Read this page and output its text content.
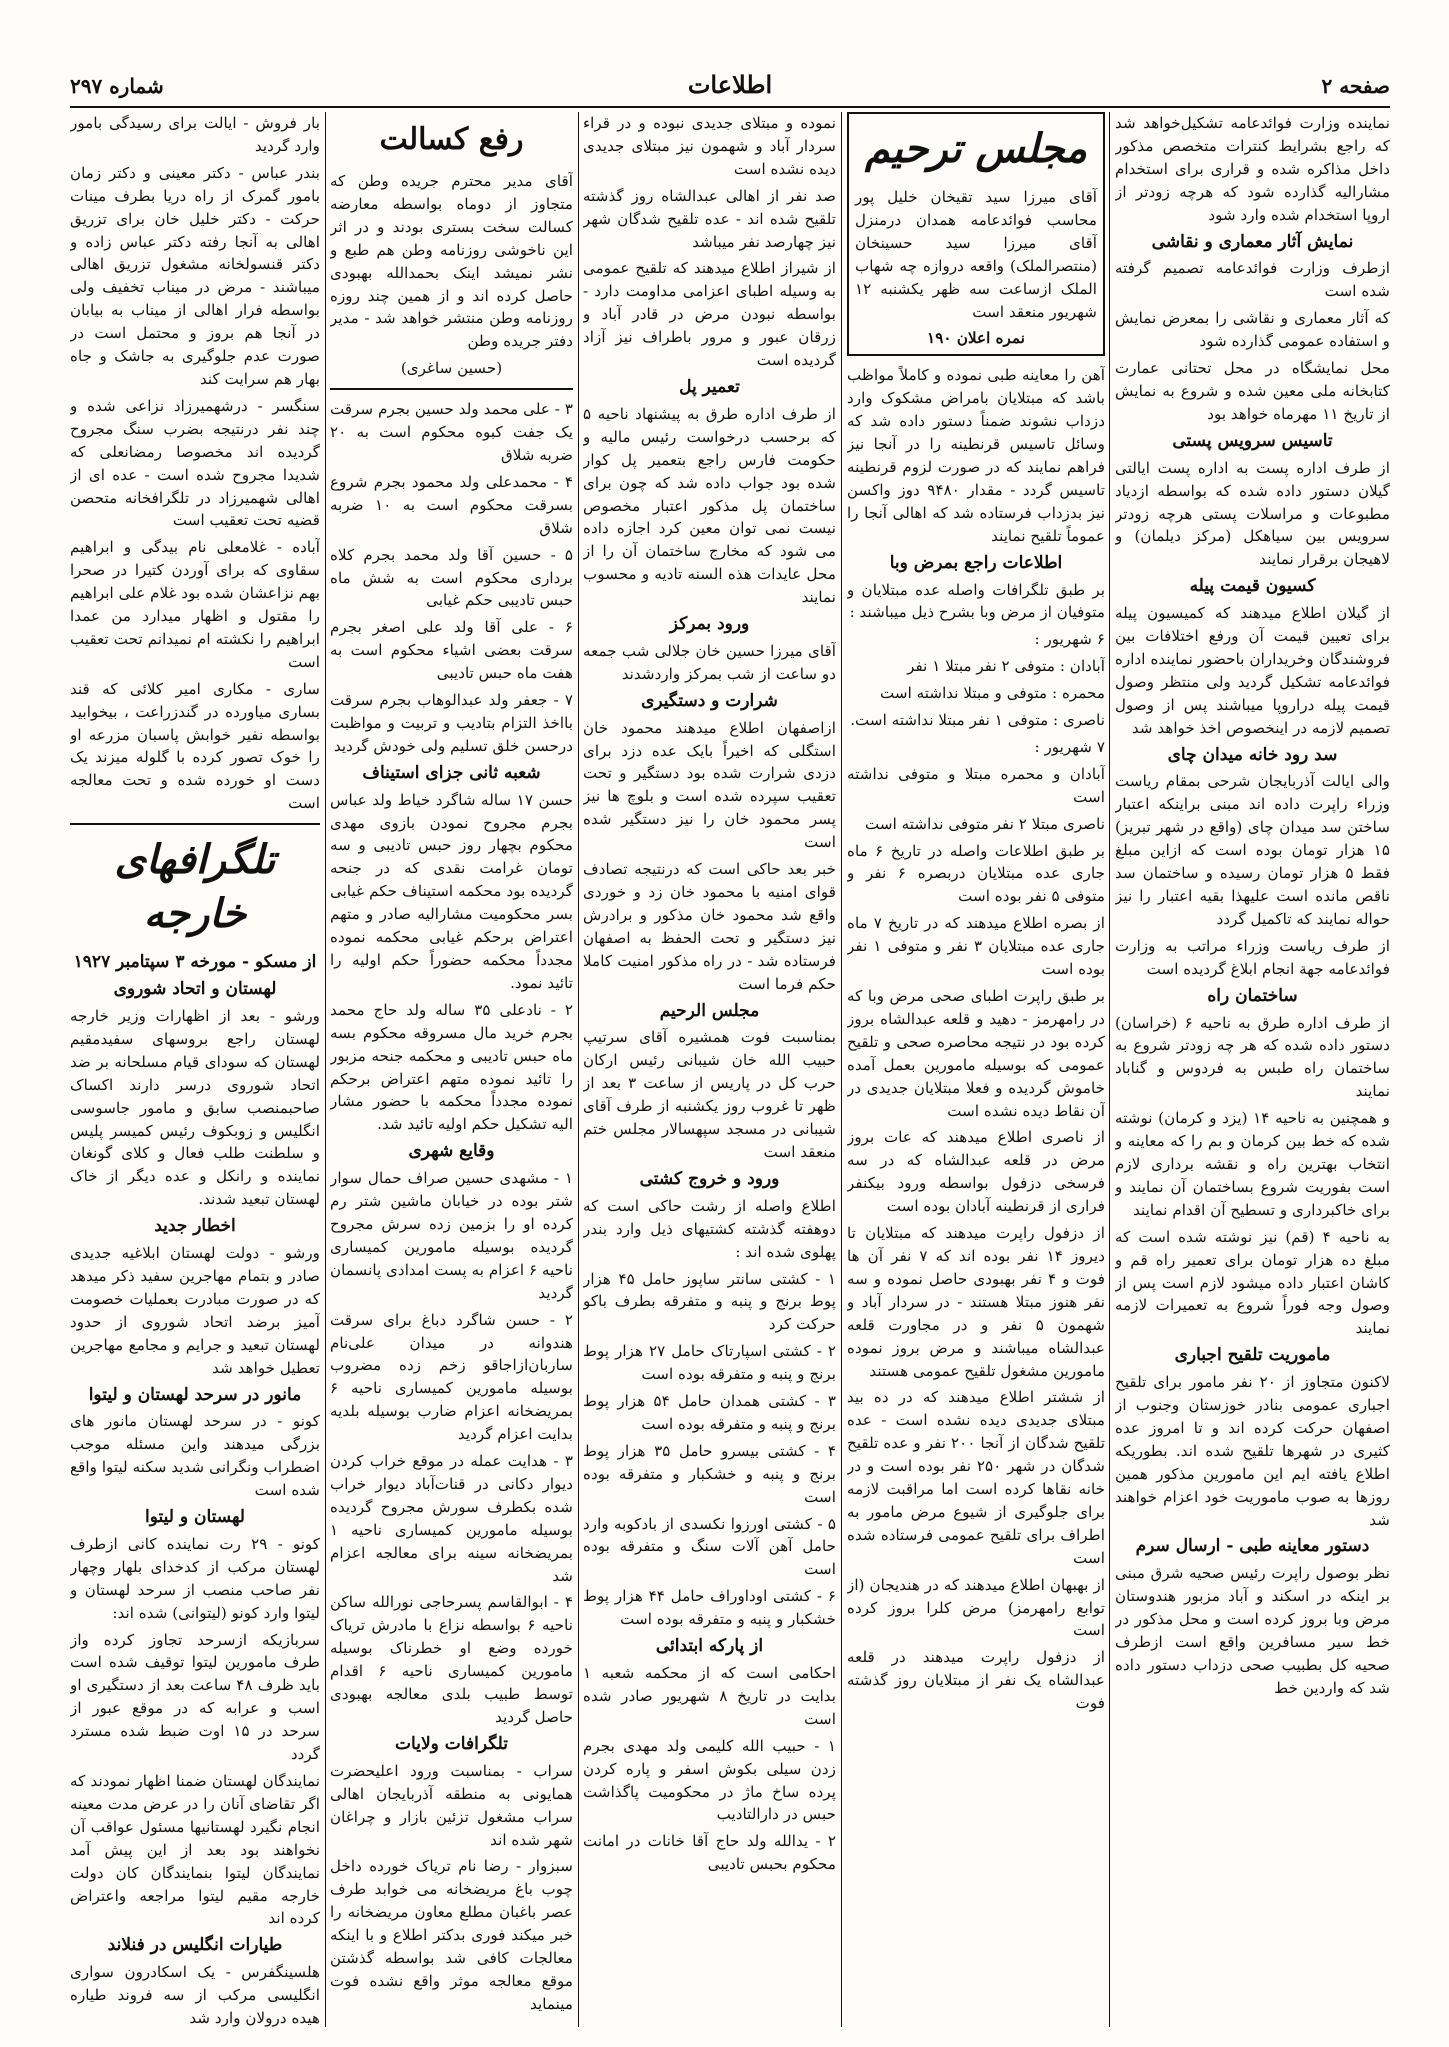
صفحه ۲
اطلاعات
شماره ۲۹۷

نماینده وزارت فوائدعامه تشکیل‌خواهد شد که راجع بشرایط کنترات متخصص مذکور داخل مذاکره شده و قراری برای استخدام مشارالیه گذارده شود که هرچه زودتر از اروپا استخدام شده وارد شود

نمایش آثار معماری و نقاشی

ازطرف وزارت فوائدعامه تصمیم گرفته شده است

که آثار معماری و نقاشی را بمعرض نمایش و استفاده عمومی گذارده شود

محل نمایشگاه در محل تحتانی عمارت کتابخانه ملی معین شده و شروع به نمایش از تاریخ ۱۱ مهرماه خواهد بود

تاسیس سرویس پستی

از طرف اداره پست به اداره پست ایالتی گیلان دستور داده شده که بواسطه ازدیاد مطبوعات و مراسلات پستی هرچه زودتر سرویس بین سیاهکل (مرکز دیلمان) و لاهیجان برقرار نمایند

کسیون قیمت پیله

از گیلان اطلاع میدهند که کمیسیون پیله برای تعیین قیمت آن ورفع اختلافات بین فروشندگان وخریداران باحضور نماینده اداره فوائدعامه تشکیل گردید ولی منتظر وصول قیمت پیله دراروپا میباشند پس از وصول تصمیم لازمه در اینخصوص اخذ خواهد شد

سد رود خانه میدان چای

والی ایالت آذربایجان شرحی بمقام ریاست وزراء راپرت داده اند مبنی براینکه اعتبار ساختن سد میدان چای (واقع در شهر تبریز) ۱۵ هزار تومان بوده است که ازاین مبلغ فقط ۵ هزار تومان رسیده و ساختمان سد ناقص مانده است علیهذا بقیه اعتبار را نیز حواله نمایند که تاکمیل گردد

از طرف ریاست وزراء مراتب به وزارت فوائدعامه جهة انجام ابلاغ گردیده است

ساختمان راه

از طرف اداره طرق به ناحیه ۶ (خراسان) دستور داده شده که هر چه زودتر شروع به ساختمان راه طبس به فردوس و گناباد نمایند

و همچنین به ناحیه ۱۴ (یزد و کرمان) نوشته شده که خط بین کرمان و بم را که معاینه و انتخاب بهترین راه و نقشه برداری لازم است بفوریت شروع بساختمان آن نمایند و برای خاکبرداری و تسطیح آن اقدام نمایند

به ناحیه ۴ (قم) نیز نوشته شده است که مبلغ ده هزار تومان برای تعمیر راه قم و کاشان اعتبار داده میشود لازم است پس از وصول وجه فوراً شروع به تعمیرات لازمه نمایند

ماموریت تلقیح اجباری

لاکنون متجاوز از ۲۰ نفر مامور برای تلقیح اجباری عمومی بنادر خوزستان وجنوب از اصفهان حرکت کرده اند و تا امروز عده کثیری در شهرها تلقیح شده اند. بطوریکه اطلاع یافته ایم این مامورین مذکور همین روزها به صوب ماموریت خود اعزام خواهند شد

دستور معاینه طبی - ارسال سرم

نظر بوصول راپرت رئیس صحیه شرق مبنی بر اینکه در اسکند و آباد مزبور هندوستان مرض وبا بروز کرده است و محل مذکور در خط سیر مسافرین واقع است ازطرف صحیه کل بطبیب صحی دزداب دستور داده شد که واردین خط

مجلس ترحیم

آقای میرزا سید تقیخان خلیل پور محاسب فوائدعامه همدان درمنزل آقای میرزا سید حسینخان (منتصرالملک) واقعه دروازه چه شهاب الملک ازساعت سه ظهر یکشنبه ۱۲ شهریور منعقد است

نمره اعلان ۱۹۰

آهن را معاینه طبی نموده و کاملاً مواظب باشد که مبتلایان بامراض مشکوک وارد دزداب نشوند ضمناً دستور داده شد که وسائل تاسیس قرنطینه را در آنجا نیز فراهم نمایند که در صورت لزوم قرنطینه تاسیس گردد - مقدار ۹۴۸۰ دوز واکسن نیز بدزداب فرستاده شد که اهالی آنجا را عموماً تلقیح نمایند

اطلاعات راجع بمرض وبا

بر طبق تلگرافات واصله عده مبتلایان و متوفیان از مرض وبا بشرح ذیل میباشند :

۶ شهریور :

آبادان : متوفی ۲ نفر مبتلا ۱ نفر

محمره : متوفی و مبتلا نداشته است

ناصری : متوفی ۱ نفر مبتلا نداشته است.

۷ شهریور :

آبادان و محمره مبتلا و متوفی نداشته است

ناصری مبتلا ۲ نفر متوفی نداشته است

بر طبق اطلاعات واصله در تاریخ ۶ ماه جاری عده مبتلایان دربصره ۶ نفر و متوفی ۵ نفر بوده است

از بصره اطلاع میدهند که در تاریخ ۷ ماه جاری عده مبتلایان ۳ نفر و متوفی ۱ نفر بوده است

بر طبق راپرت اطبای صحی مرض وبا که در رامهرمز - دهید و قلعه عبدالشاه بروز کرده بود در نتیجه محاصره صحی و تلقیح عمومی که بوسیله مامورین بعمل آمده خاموش گردیده و فعلا مبتلایان جدیدی در آن نقاط دیده نشده است

از ناصری اطلاع میدهند که عات بروز مرض در قلعه عبدالشاه که در سه فرسخی دزفول بواسطه ورود بیکنفر فراری از قرنطینه آبادان بوده است

از دزفول راپرت میدهند که مبتلایان تا دیروز ۱۴ نفر بوده اند که ۷ نفر آن ها فوت و ۴ نفر بهبودی حاصل نموده و سه نفر هنوز مبتلا هستند - در سردار آباد و شهمون ۵ نفر و در مجاورت قلعه عبدالشاه میباشند و مرض بروز نموده مامورین مشغول تلقیح عمومی هستند

از ششتر اطلاع میدهند که در ده بید مبتلای جدیدی دیده نشده است - عده تلقیح شدگان از آنجا ۲۰۰ نفر و عده تلقیح شدگان در شهر ۲۵۰ نفر بوده است و در خانه نقاها کرده است اما مراقبت لازمه برای جلوگیری از شیوع مرض مامور به اطراف برای تلقیح عمومی فرستاده شده است

از بهبهان اطلاع میدهند که در هندیجان (از توابع رامهرمز) مرض کلرا بروز کرده است

از دزفول راپرت میدهند در قلعه عبدالشاه یک نفر از مبتلایان روز گذشته فوت

نموده و مبتلای جدیدی نبوده و در قراء سردار آباد و شهمون نیز مبتلای جدیدی دیده نشده است

صد نفر از اهالی عبدالشاه روز گذشته تلقیح شده اند - عده تلقیح شدگان شهر نیز چهارصد نفر میباشد

از شیراز اطلاع میدهند که تلقیح عمومی به وسیله اطبای اعزامی مداومت دارد - بواسطه نبودن مرض در قادر آباد و زرقان عبور و مرور باطراف نیز آزاد گردیده است

تعمیر پل

از طرف اداره طرق به پیشنهاد ناحیه ۵ که برحسب درخواست رئیس مالیه و حکومت فارس راجع بتعمیر پل کوار شده بود جواب داده شد که چون برای ساختمان پل مذکور اعتبار مخصوص نیست نمی توان معین کرد اجازه داده می شود که مخارج ساختمان آن را از محل عایدات هذه السنه تادیه و محسوب نمایند

ورود بمرکز

آقای میرزا حسین خان جلالی شب جمعه دو ساعت از شب بمرکز واردشدند

شرارت و دستگیری

ازاصفهان اطلاع میدهند محمود خان استگلی که اخیراً بایک عده دزد برای دزدی شرارت شده بود دستگیر و تحت تعقیب سپرده شده است و بلوچ ها نیز پسر محمود خان را نیز دستگیر شده است

خبر بعد حاکی است که درنتیجه تصادف قوای امنیه با محمود خان زد و خوردی واقع شد محمود خان مذکور و برادرش نیز دستگیر و تحت الحفظ به اصفهان فرستاده شد - در راه مذکور امنیت کاملا حکم فرما است

مجلس الرحیم

بمناسبت فوت همشیره آقای سرتیپ حبیب الله خان شیبانی رئیس ارکان حرب کل در پاریس از ساعت ۳ بعد از ظهر تا غروب روز یکشنبه از طرف آقای شیبانی در مسجد سپهسالار مجلس ختم منعقد است

ورود و خروج کشتی

اطلاع واصله از رشت حاکی است که دوهفته گذشته کشتیهای ذیل وارد بندر پهلوی شده اند :

۱ - کشتی سانتر ساپوز حامل ۴۵ هزار پوط برنج و پنبه و متفرقه بطرف باکو حرکت کرد

۲ - کشتی اسپارتاک حامل ۲۷ هزار پوط برنج و پنبه و متفرقه بوده است

۳ - کشتی همدان حامل ۵۴ هزار پوط برنج و پنبه و متفرقه بوده است

۴ - کشتی بیسرو حامل ۳۵ هزار پوط برنج و پنبه و خشکبار و متفرقه بوده است

۵ - کشتی اورزوا نکسدی از بادکوبه وارد حامل آهن آلات سنگ و متفرقه بوده است

۶ - کشتی اوداوراف حامل ۴۴ هزار پوط خشکبار و پنبه و متفرقه بوده است

از پارکه ابتدائی

احکامی است که از محکمه شعبه ۱ بدایت در تاریخ ۸ شهریور صادر شده است

۱ - حبیب الله کلیمی ولد مهدی بجرم زدن سیلی بکوش اسفر و پاره کردن پرده ساخ ماژ در محکومیت پاگذاشت حبس در دارالتادیب

۲ - یدالله ولد حاج آقا خانات در امانت محکوم بحبس تادیبی

رفع کسالت

آقای مدیر محترم جریده وطن که متجاوز از دوماه بواسطه معارضه کسالت سخت بستری بودند و در اثر این ناخوشی روزنامه وطن هم طبع و نشر نمیشد اینک بحمدالله بهبودی حاصل کرده اند و از همین چند روزه روزنامه وطن منتشر خواهد شد - مدیر دفتر جریده وطن

(حسین ساغری)

۳ - علی محمد ولد حسین بجرم سرقت یک جفت کبوه محکوم است به ۲۰ ضربه شلاق

۴ - محمدعلی ولد محمود بجرم شروع بسرقت محکوم است به ۱۰ ضربه شلاق

۵ - حسین آقا ولد محمد بجرم کلاه برداری محکوم است به شش ماه حبس تادیبی حکم غیابی

۶ - علی آقا ولد علی اصغر بجرم سرقت بعضی اشیاء محکوم است به هفت ماه حبس تادیبی

۷ - جعفر ولد عبدالوهاب بجرم سرقت بااخذ التزام بتادیب و تربیت و مواظبت درحسن خلق تسلیم ولی خودش گردید

شعبه ثانی جزای استیناف

حسن ۱۷ ساله شاگرد خیاط ولد عباس بجرم مجروح نمودن بازوی مهدی محکوم بچهار روز حبس تادیبی و سه تومان غرامت نقدی که در جنحه گردیده بود محکمه استیناف حکم غیابی بسر محکومیت مشارالیه صادر و متهم اعتراض برحکم غیابی محکمه نموده مجدداً محکمه حضوراً حکم اولیه را تائید نمود.

۲ - نادعلی ۳۵ ساله ولد حاج محمد بجرم خرید مال مسروقه محکوم بسه ماه حبس تادیبی و محکمه جنحه مزبور را تائید نموده متهم اعتراض برحکم نموده مجدداً محکمه با حضور مشار الیه تشکیل حکم اولیه تائید شد.

وقایع شهری

۱ - مشهدی حسین صراف حمال سوار شتر بوده در خیابان ماشین شتر رم کرده او را بزمین زده سرش مجروح گردیده بوسیله مامورین کمیساری ناحیه ۶ اعزام به پست امدادی پانسمان گردید

۲ - حسن شاگرد دباغ برای سرقت هندوانه در میدان علی‌نام ساربان‌ازاجاقو زخم زده مضروب بوسیله مامورین کمیساری ناحیه ۶ بمریضخانه اعزام ضارب بوسیله بلدیه بدایت اعزام گردید

۳ - هدایت عمله در موقع خراب کردن دیوار دکانی در قنات‌آباد دیوار خراب شده بکطرف سورش مجروح گردیده بوسیله مامورین کمیساری ناحیه ۱ بمریضخانه سینه برای معالجه اعزام شد

۴ - ابوالقاسم پسرحاجی نورالله ساکن ناحیه ۶ بواسطه نزاع با مادرش تریاک خورده وضع او خطرناک بوسیله مامورین کمیساری ناحیه ۶ اقدام توسط طبیب بلدی معالجه بهبودی حاصل گردید

تلگرافات ولایات

سراب - بمناسبت ورود اعلیحضرت همایونی به منطقه آذربایجان اهالی سراب مشغول تزئین بازار و چراغان شهر شده اند

سبزوار - رضا نام تریاک خورده داخل چوب باغ مریضخانه می خوابد طرف عصر باغبان مطلع معاون مریضخانه را خبر میکند فوری بدکتر اطلاع و با اینکه معالجات کافی شد بواسطه گذشتن موقع معالجه موثر واقع نشده فوت مینماید

بار فروش - ایالت برای رسیدگی بامور وارد گردید

بندر عباس - دکتر معینی و دکتر زمان بامور گمرک از راه دریا بطرف مینات حرکت - دکتر خلیل خان برای تزریق اهالی به آنجا رفته دکتر عباس زاده و دکتر قنسولخانه مشغول تزریق اهالی میباشند - مرض در میناب تخفیف ولی بواسطه فرار اهالی از میناب به بیابان در آنجا هم بروز و محتمل است در صورت عدم جلوگیری به جاشک و جاه بهار هم سرایت کند

سنگسر - درشهمیرزاد نزاعی شده و چند نفر درنتیجه بضرب سنگ مجروح گردیده اند مخصوصا رمضانعلی که شدیدا مجروح شده است - عده ای از اهالی شهمیرزاد در تلگرافخانه متحصن قضیه تحت تعقیب است

آباده - غلامعلی نام بیدگی و ابراهیم سقاوی که برای آوردن کتیرا در صحرا بهم نزاعشان شده بود غلام علی ابراهیم را مقتول و اظهار میدارد من عمدا ابراهیم را نکشته ام نمیدانم تحت تعقیب است

ساری - مکاری امیر کلائی که قند بساری میاورده در گندزراعت ، بیخوابید بواسطه نفیر خوابش پاسبان مزرعه او را خوک تصور کرده با گلوله میزند یک دست او خورده شده و تحت معالجه است

تلگرافهای خارجه

از مسکو - مورخه ۳ سپتامبر ۱۹۲۷

لهستان و اتحاد شوروی

ورشو - بعد از اظهارات وزیر خارجه لهستان راجع بروسهای سفیدمقیم لهستان که سودای قیام مسلحانه بر ضد اتحاد شوروی درسر دارند اکساک صاحبمنصب سابق و مامور جاسوسی انگلیس و زوبکوف رئیس کمیسر پلیس و سلطنت طلب فعال و کلای گونغان نماینده و رانکل و عده دیگر از خاک لهستان تبعید شدند.

اخطار جدید

ورشو - دولت لهستان ابلاغیه جدیدی صادر و بتمام مهاجرین سفید ذکر میدهد که در صورت مبادرت بعملیات خصومت آمیز برضد اتحاد شوروی از حدود لهستان تبعید و جرایم و مجامع مهاجرین تعطیل خواهد شد

مانور در سرحد لهستان و لیتوا

کونو - در سرحد لهستان مانور های بزرگی میدهند واین مسئله موجب اضطراب ونگرانی شدید سکنه لیتوا واقع شده است

لهستان و لیتوا

کونو - ۲۹ رت نماینده کانی ازطرف لهستان مرکب از کدخدای بلهار وچهار نفر صاحب منصب از سرحد لهستان و لیتوا وارد کونو (لیتوانی) شده اند:

سربازیکه ازسرحد تجاوز کرده واز طرف مامورین لیتوا توقیف شده است باید ظرف ۴۸ ساعت بعد از دستگیری او اسب و عرابه که در موقع عبور از سرحد در ۱۵ اوت ضبط شده مسترد گردد

نمایندگان لهستان ضمنا اظهار نمودند که اگر تقاضای آنان را در عرض مدت معینه انجام نگیرد لهستانیها مسئول عواقب آن نخواهند بود بعد از این پیش آمد نمایندگان لیتوا بنمایندگان کان دولت خارجه مقیم لیتوا مراجعه واعتراض کرده اند

طیارات انگلیس در فنلاند

هلسینگفرس - یک اسکادرون سواری انگلیسی مرکب از سه فروند طیاره هیده درولان وارد شد
